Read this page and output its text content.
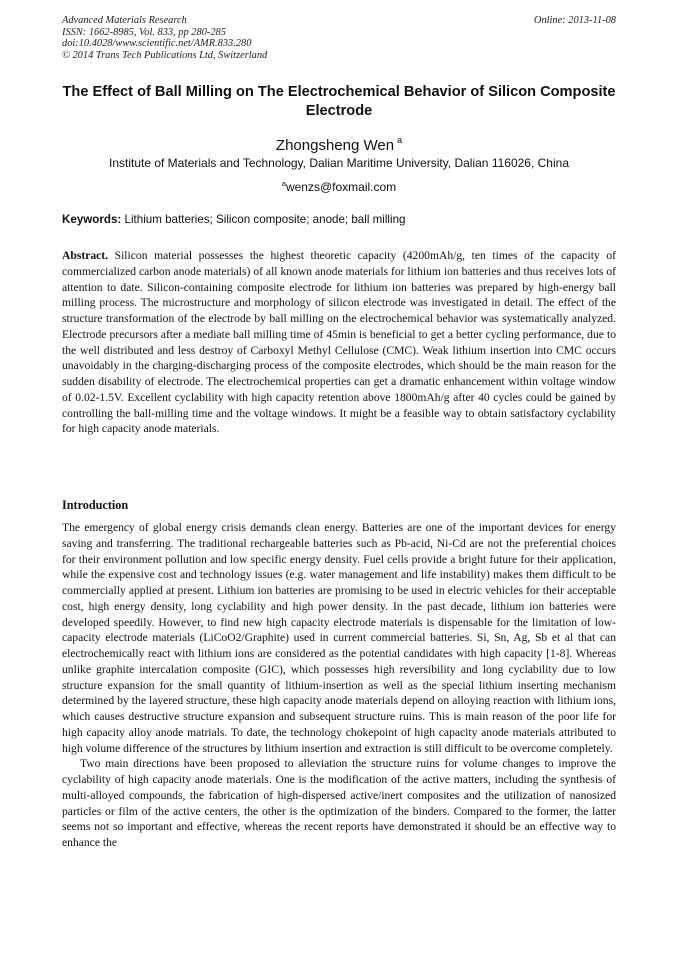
Advanced Materials Research
ISSN: 1662-8985, Vol. 833, pp 280-285
doi:10.4028/www.scientific.net/AMR.833.280
© 2014 Trans Tech Publications Ltd, Switzerland
Online: 2013-11-08
The Effect of Ball Milling on The Electrochemical Behavior of Silicon Composite Electrode
Zhongsheng Wen $^a$
Institute of Materials and Technology, Dalian Maritime University, Dalian 116026, China
$^a$wenzs@foxmail.com
Keywords: Lithium batteries; Silicon composite; anode; ball milling
Abstract. Silicon material possesses the highest theoretic capacity (4200mAh/g, ten times of the capacity of commercialized carbon anode materials) of all known anode materials for lithium ion batteries and thus receives lots of attention to date. Silicon-containing composite electrode for lithium ion batteries was prepared by high-energy ball milling process. The microstructure and morphology of silicon electrode was investigated in detail. The effect of the structure transformation of the electrode by ball milling on the electrochemical behavior was systematically analyzed. Electrode precursors after a mediate ball milling time of 45min is beneficial to get a better cycling performance, due to the well distributed and less destroy of Carboxyl Methyl Cellulose (CMC). Weak lithium insertion into CMC occurs unavoidably in the charging-discharging process of the composite electrodes, which should be the main reason for the sudden disability of electrode. The electrochemical properties can get a dramatic enhancement within voltage window of 0.02-1.5V. Excellent cyclability with high capacity retention above 1800mAh/g after 40 cycles could be gained by controlling the ball-milling time and the voltage windows. It might be a feasible way to obtain satisfactory cyclability for high capacity anode materials.
Introduction

The emergency of global energy crisis demands clean energy. Batteries are one of the important devices for energy saving and transferring. The traditional rechargeable batteries such as Pb-acid, Ni-Cd are not the preferential choices for their environment pollution and low specific energy density. Fuel cells provide a bright future for their application, while the expensive cost and technology issues (e.g. water management and life instability) makes them difficult to be commercially applied at present. Lithium ion batteries are promising to be used in electric vehicles for their acceptable cost, high energy density, long cyclability and high power density. In the past decade, lithium ion batteries were developed speedily. However, to find new high capacity electrode materials is dispensable for the limitation of low-capacity electrode materials (LiCoO2/Graphite) used in current commercial batteries. Si, Sn, Ag, Sb et al that can electrochemically react with lithium ions are considered as the potential candidates with high capacity [1-8]. Whereas unlike graphite intercalation composite (GIC), which possesses high reversibility and long cyclability due to low structure expansion for the small quantity of lithium-insertion as well as the special lithium inserting mechanism determined by the layered structure, these high capacity anode materials depend on alloying reaction with lithium ions, which causes destructive structure expansion and subsequent structure ruins. This is main reason of the poor life for high capacity alloy anode matrials. To date, the technology chokepoint of high capacity anode materials attributed to high volume difference of the structures by lithium insertion and extraction is still difficult to be overcome completely.

Two main directions have been proposed to alleviation the structure ruins for volume changes to improve the cyclability of high capacity anode materials. One is the modification of the active matters, including the synthesis of multi-alloyed compounds, the fabrication of high-dispersed active/inert composites and the utilization of nanosized particles or film of the active centers, the other is the optimization of the binders. Compared to the former, the latter seems not so important and effective, whereas the recent reports have demonstrated it should be an effective way to enhance the
